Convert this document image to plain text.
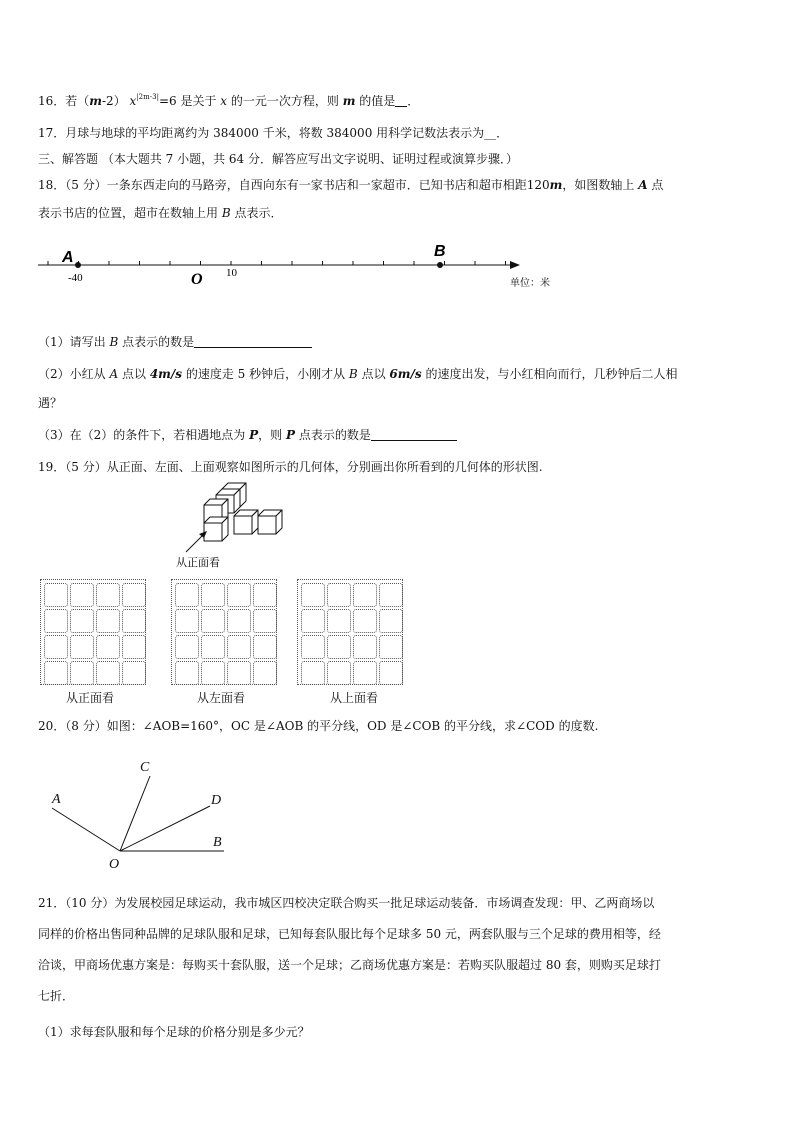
16．若（m-2） $x^{|2m-3|}=6$ 是关于 x 的一元一次方程，则 m 的值是 ．
17．月球与地球的平均距离约为 384000 千米，将数 384000 用科学记数法表示为__．
三、解答题 （本大题共 7 小题，共 64 分．解答应写出文字说明、证明过程或演算步骤．）
18．（5 分）一条东西走向的马路旁，自西向东有一家书店和一家超市．已知书店和超市相距120m，如图数轴上 A 点
表示书店的位置，超市在数轴上用 B 点表示．
A	B
O
-40	10
单位：米
（1）请写出 B 点表示的数是
（2）小红从 A 点以 4m/s 的速度走 5 秒钟后，小刚才从 B 点以 6m/s 的速度出发，与小红相向而行，几秒钟后二人相
遇？
（3）在（2）的条件下，若相遇地点为 P，则 P 点表示的数是
19．（5 分）从正面、左面、上面观察如图所示的几何体，分别画出你所看到的几何体的形状图.
从正面看
从正面看	从左面看	从上面看
20．（8 分）如图：∠AOB=160°，OC 是∠AOB 的平分线，OD 是∠COB 的平分线，求∠COD 的度数.
A
C
D
B
O
21．（10 分）为发展校园足球运动，我市城区四校决定联合购买一批足球运动装备．市场调查发现：甲、乙两商场以
同样的价格出售同种品牌的足球队服和足球，已知每套队服比每个足球多 50 元，两套队服与三个足球的费用相等，经
洽谈，甲商场优惠方案是：每购买十套队服，送一个足球；乙商场优惠方案是：若购买队服超过 80 套，则购买足球打
七折．
（1）求每套队服和每个足球的价格分别是多少元？
